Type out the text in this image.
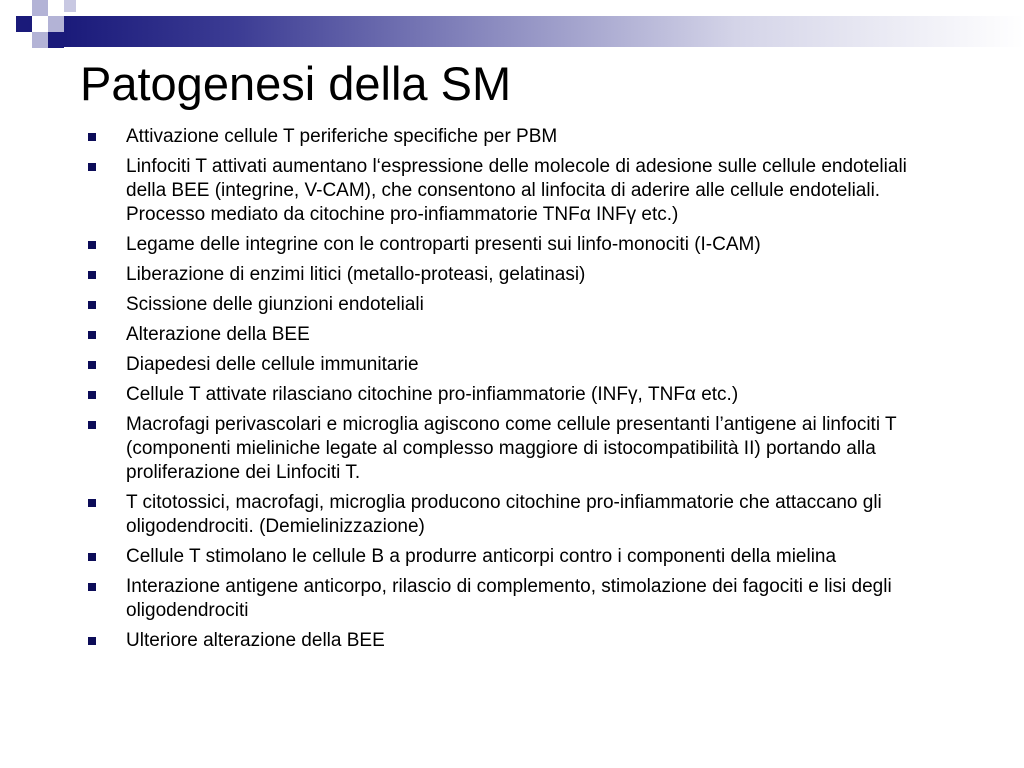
Patogenesi della SM
Attivazione cellule T periferiche specifiche per PBM
Linfociti T attivati aumentano l‘espressione delle molecole di adesione sulle cellule endoteliali della BEE (integrine, V-CAM), che consentono al linfocita di aderire alle cellule endoteliali. Processo mediato da citochine pro-infiammatorie TNFα INFγ etc.)
Legame delle integrine con le controparti presenti sui linfo-monociti (I-CAM)
Liberazione di enzimi litici (metallo-proteasi, gelatinasi)
Scissione delle giunzioni endoteliali
Alterazione della BEE
Diapedesi delle cellule immunitarie
Cellule T attivate rilasciano citochine pro-infiammatorie (INFγ, TNFα etc.)
Macrofagi perivascolari e microglia agiscono come cellule presentanti l’antigene ai linfociti T (componenti mieliniche legate al complesso maggiore di istocompatibilità II) portando alla proliferazione dei Linfociti T.
T citotossici, macrofagi, microglia producono citochine pro-infiammatorie che attaccano gli oligodendrociti. (Demielinizzazione)
Cellule T stimolano le cellule B a produrre anticorpi contro i componenti della mielina
Interazione antigene anticorpo, rilascio di complemento, stimolazione dei fagociti e lisi degli oligodendrociti
Ulteriore alterazione della BEE
